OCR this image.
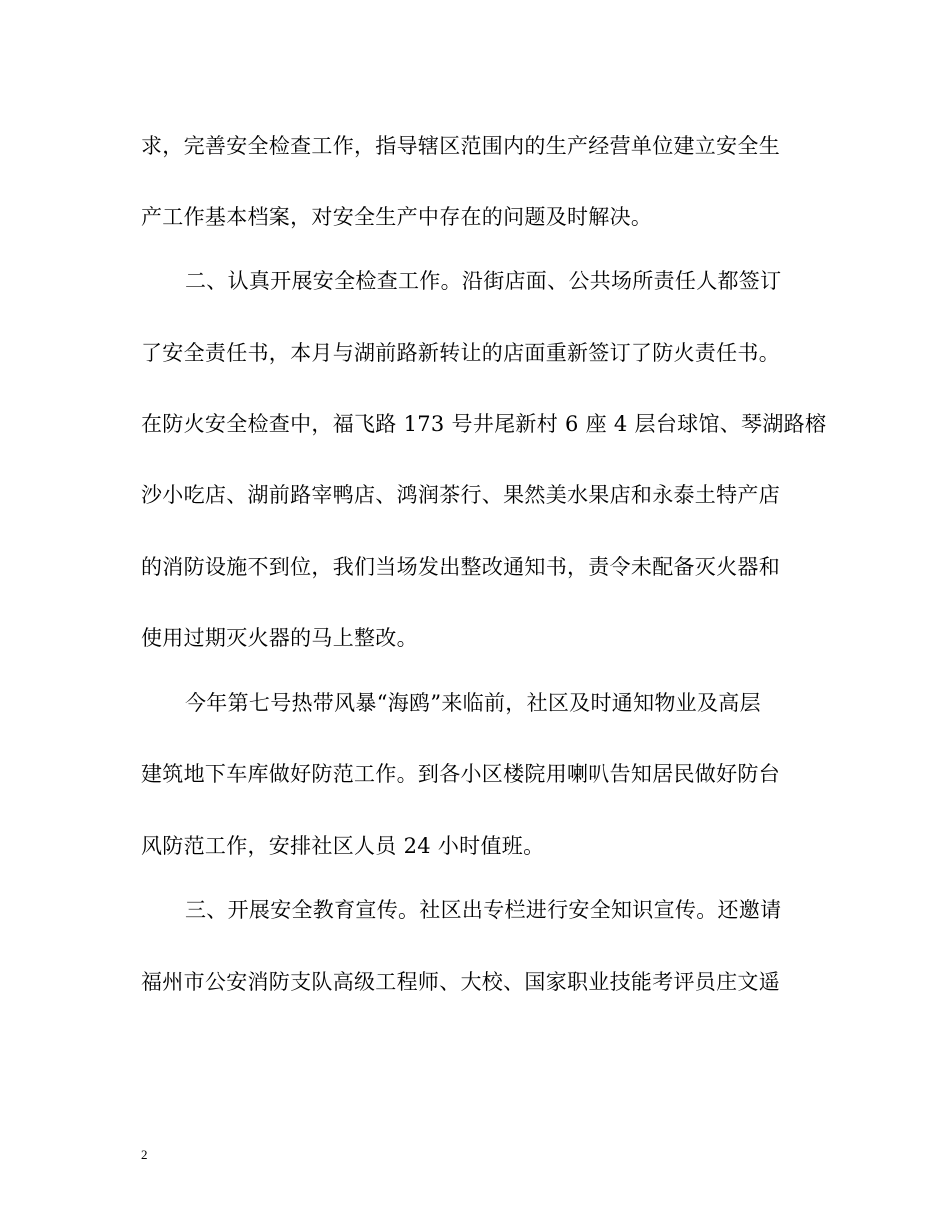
求，完善安全检查工作，指导辖区范围内的生产经营单位建立安全生
产工作基本档案，对安全生产中存在的问题及时解决。
二、认真开展安全检查工作。沿街店面、公共场所责任人都签订
了安全责任书，本月与湖前路新转让的店面重新签订了防火责任书。
在防火安全检查中，福飞路 173 号井尾新村 6 座 4 层台球馆、琴湖路榕
沙小吃店、湖前路宰鸭店、鸿润茶行、果然美水果店和永泰土特产店
的消防设施不到位，我们当场发出整改通知书，责令未配备灭火器和
使用过期灭火器的马上整改。
今年第七号热带风暴“海鸥”来临前，社区及时通知物业及高层
建筑地下车库做好防范工作。到各小区楼院用喇叭告知居民做好防台
风防范工作，安排社区人员 24 小时值班。
三、开展安全教育宣传。社区出专栏进行安全知识宣传。还邀请
福州市公安消防支队高级工程师、大校、国家职业技能考评员庄文遥
2
